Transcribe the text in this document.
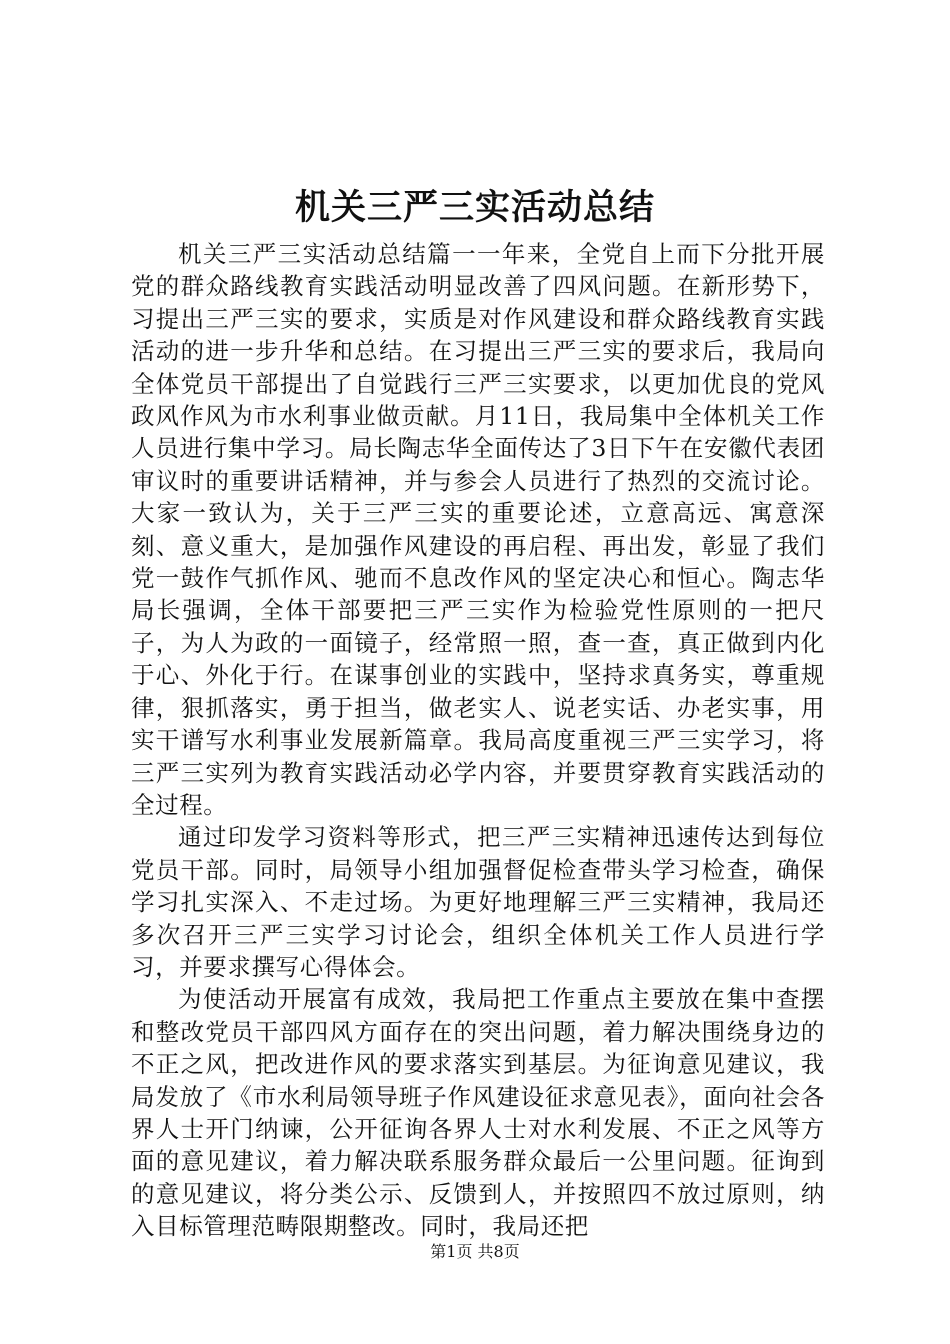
机关三严三实活动总结

机关三严三实活动总结篇一一年来，全党自上而下分批开展党的群众路线教育实践活动明显改善了四风问题。在新形势下，习提出三严三实的要求，实质是对作风建设和群众路线教育实践活动的进一步升华和总结。在习提出三严三实的要求后，我局向全体党员干部提出了自觉践行三严三实要求，以更加优良的党风政风作风为市水利事业做贡献。月11日，我局集中全体机关工作人员进行集中学习。局长陶志华全面传达了3日下午在安徽代表团审议时的重要讲话精神，并与参会人员进行了热烈的交流讨论。大家一致认为，关于三严三实的重要论述，立意高远、寓意深刻、意义重大，是加强作风建设的再启程、再出发，彰显了我们党一鼓作气抓作风、驰而不息改作风的坚定决心和恒心。陶志华局长强调，全体干部要把三严三实作为检验党性原则的一把尺子，为人为政的一面镜子，经常照一照，查一查，真正做到内化于心、外化于行。在谋事创业的实践中，坚持求真务实，尊重规律，狠抓落实，勇于担当，做老实人、说老实话、办老实事，用实干谱写水利事业发展新篇章。我局高度重视三严三实学习，将三严三实列为教育实践活动必学内容，并要贯穿教育实践活动的全过程。

通过印发学习资料等形式，把三严三实精神迅速传达到每位党员干部。同时，局领导小组加强督促检查带头学习检查，确保学习扎实深入、不走过场。为更好地理解三严三实精神，我局还多次召开三严三实学习讨论会，组织全体机关工作人员进行学习，并要求撰写心得体会。

为使活动开展富有成效，我局把工作重点主要放在集中查摆和整改党员干部四风方面存在的突出问题，着力解决围绕身边的不正之风，把改进作风的要求落实到基层。为征询意见建议，我局发放了《市水利局领导班子作风建设征求意见表》，面向社会各界人士开门纳谏，公开征询各界人士对水利发展、不正之风等方面的意见建议，着力解决联系服务群众最后一公里问题。征询到的意见建议，将分类公示、反馈到人，并按照四不放过原则，纳入目标管理范畴限期整改。同时，我局还把

第1页 共8页
